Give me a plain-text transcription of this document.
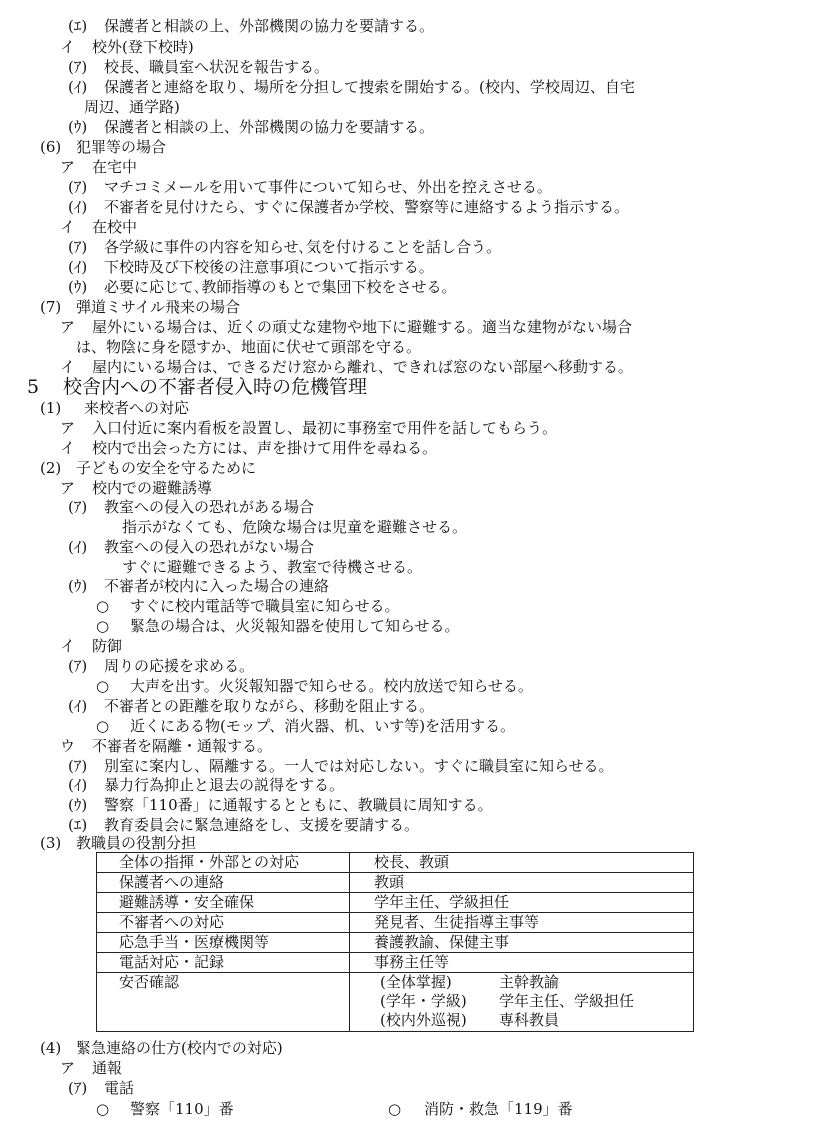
(ｴ) 保護者と相談の上、外部機関の協力を要請する。
イ 校外(登下校時)
(ｱ) 校長、職員室へ状況を報告する。
(ｲ) 保護者と連絡を取り、場所を分担して捜索を開始する。(校内、学校周辺、自宅
周辺、通学路)
(ｳ) 保護者と相談の上、外部機関の協力を要請する。
(6) 犯罪等の場合
ア 在宅中
(ｱ) マチコミメールを用いて事件について知らせ、外出を控えさせる。
(ｲ) 不審者を見付けたら、すぐに保護者か学校、警察等に連絡するよう指示する。
イ 在校中
(ｱ) 各学級に事件の内容を知らせ､気を付けることを話し合う。
(ｲ) 下校時及び下校後の注意事項について指示する。
(ｳ) 必要に応じて､教師指導のもとで集団下校をさせる。
(7) 弾道ミサイル飛来の場合
ア 屋外にいる場合は、近くの頑丈な建物や地下に避難する。適当な建物がない場合
は、物陰に身を隠すか、地面に伏せて頭部を守る。
イ 屋内にいる場合は、できるだけ窓から離れ、できれば窓のない部屋へ移動する。
5 校舎内への不審者侵入時の危機管理
(1) 来校者への対応
ア 入口付近に案内看板を設置し、最初に事務室で用件を話してもらう。
イ 校内で出会った方には、声を掛けて用件を尋ねる。
(2) 子どもの安全を守るために
ア 校内での避難誘導
(ｱ) 教室への侵入の恐れがある場合
指示がなくても、危険な場合は児童を避難させる。
(ｲ) 教室への侵入の恐れがない場合
すぐに避難できるよう、教室で待機させる。
(ｳ) 不審者が校内に入った場合の連絡
○ すぐに校内電話等で職員室に知らせる。
○ 緊急の場合は、火災報知器を使用して知らせる。
イ 防御
(ｱ) 周りの応援を求める。
○ 大声を出す。火災報知器で知らせる。校内放送で知らせる。
(ｲ) 不審者との距離を取りながら、移動を阻止する。
○ 近くにある物(モップ、消火器、机、いす等)を活用する。
ウ 不審者を隔離・通報する。
(ｱ) 別室に案内し、隔離する。一人では対応しない。すぐに職員室に知らせる。
(ｲ) 暴力行為抑止と退去の説得をする。
(ｳ) 警察「110番」に通報するとともに、教職員に周知する。
(ｴ) 教育委員会に緊急連絡をし、支援を要請する。
(3) 教職員の役割分担
全体の指揮・外部との対応	校長、教頭
保護者への連絡	教頭
避難誘導・安全確保	学年主任、学級担任
不審者への対応	発見者、生徒指導主事等
応急手当・医療機関等	養護教諭、保健主事
電話対応・記録	事務主任等
安否確認	(全体掌握) 主幹教諭
(学年・学級) 学年主任、学級担任
(校内外巡視) 専科教員
(4) 緊急連絡の仕方(校内での対応)
ア 通報
(ｱ) 電話
○ 警察「110」番	○ 消防・救急「119」番
